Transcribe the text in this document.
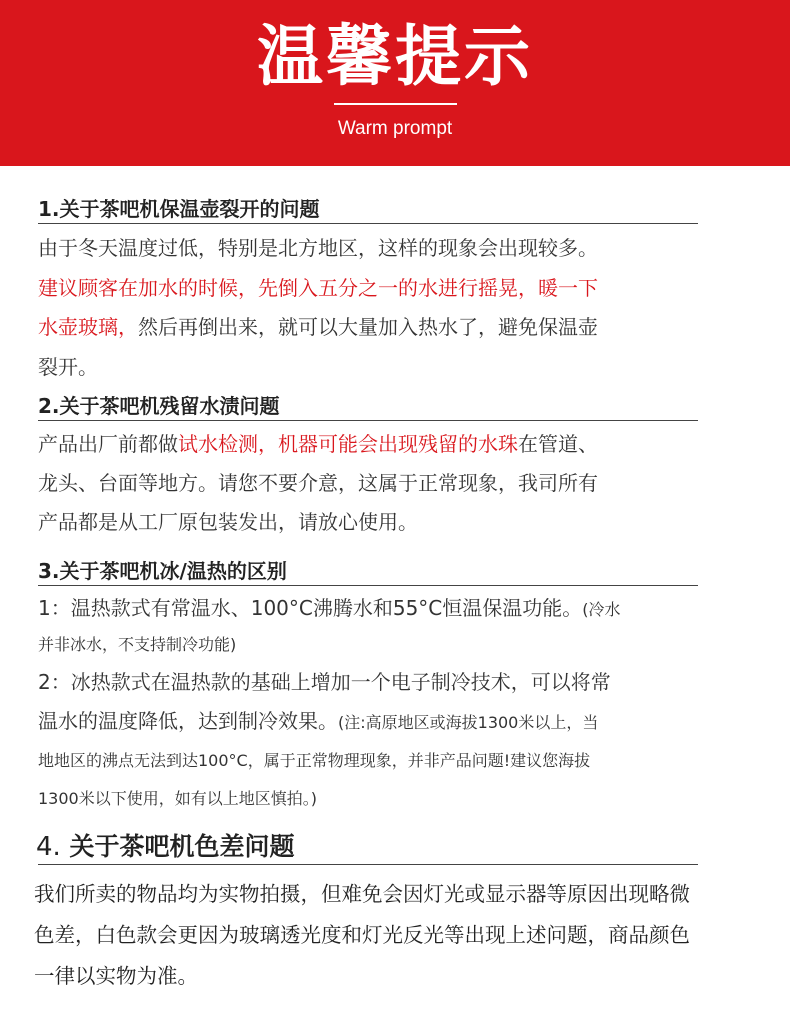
温馨提示
Warm prompt
1.关于茶吧机保温壶裂开的问题
由于冬天温度过低，特别是北方地区，这样的现象会出现较多。
建议顾客在加水的时候，先倒入五分之一的水进行摇晃，暖一下
水壶玻璃，然后再倒出来，就可以大量加入热水了，避免保温壶
裂开。
2.关于茶吧机残留水渍问题
产品出厂前都做试水检测，机器可能会出现残留的水珠在管道、
龙头、台面等地方。请您不要介意，这属于正常现象，我司所有
产品都是从工厂原包装发出，请放心使用。
3.关于茶吧机冰/温热的区别
1：温热款式有常温水、100°C沸腾水和55°C恒温保温功能。(冷水
并非冰水，不支持制冷功能)
2：冰热款式在温热款的基础上增加一个电子制冷技术，可以将常
温水的温度降低，达到制冷效果。(注:高原地区或海拔1300米以上，当
地地区的沸点无法到达100°C，属于正常物理现象，并非产品问题!建议您海拔
1300米以下使用，如有以上地区慎拍。)
4. 关于茶吧机色差问题
我们所卖的物品均为实物拍摄，但难免会因灯光或显示器等原因出现略微
色差，白色款会更因为玻璃透光度和灯光反光等出现上述问题，商品颜色
一律以实物为准。
